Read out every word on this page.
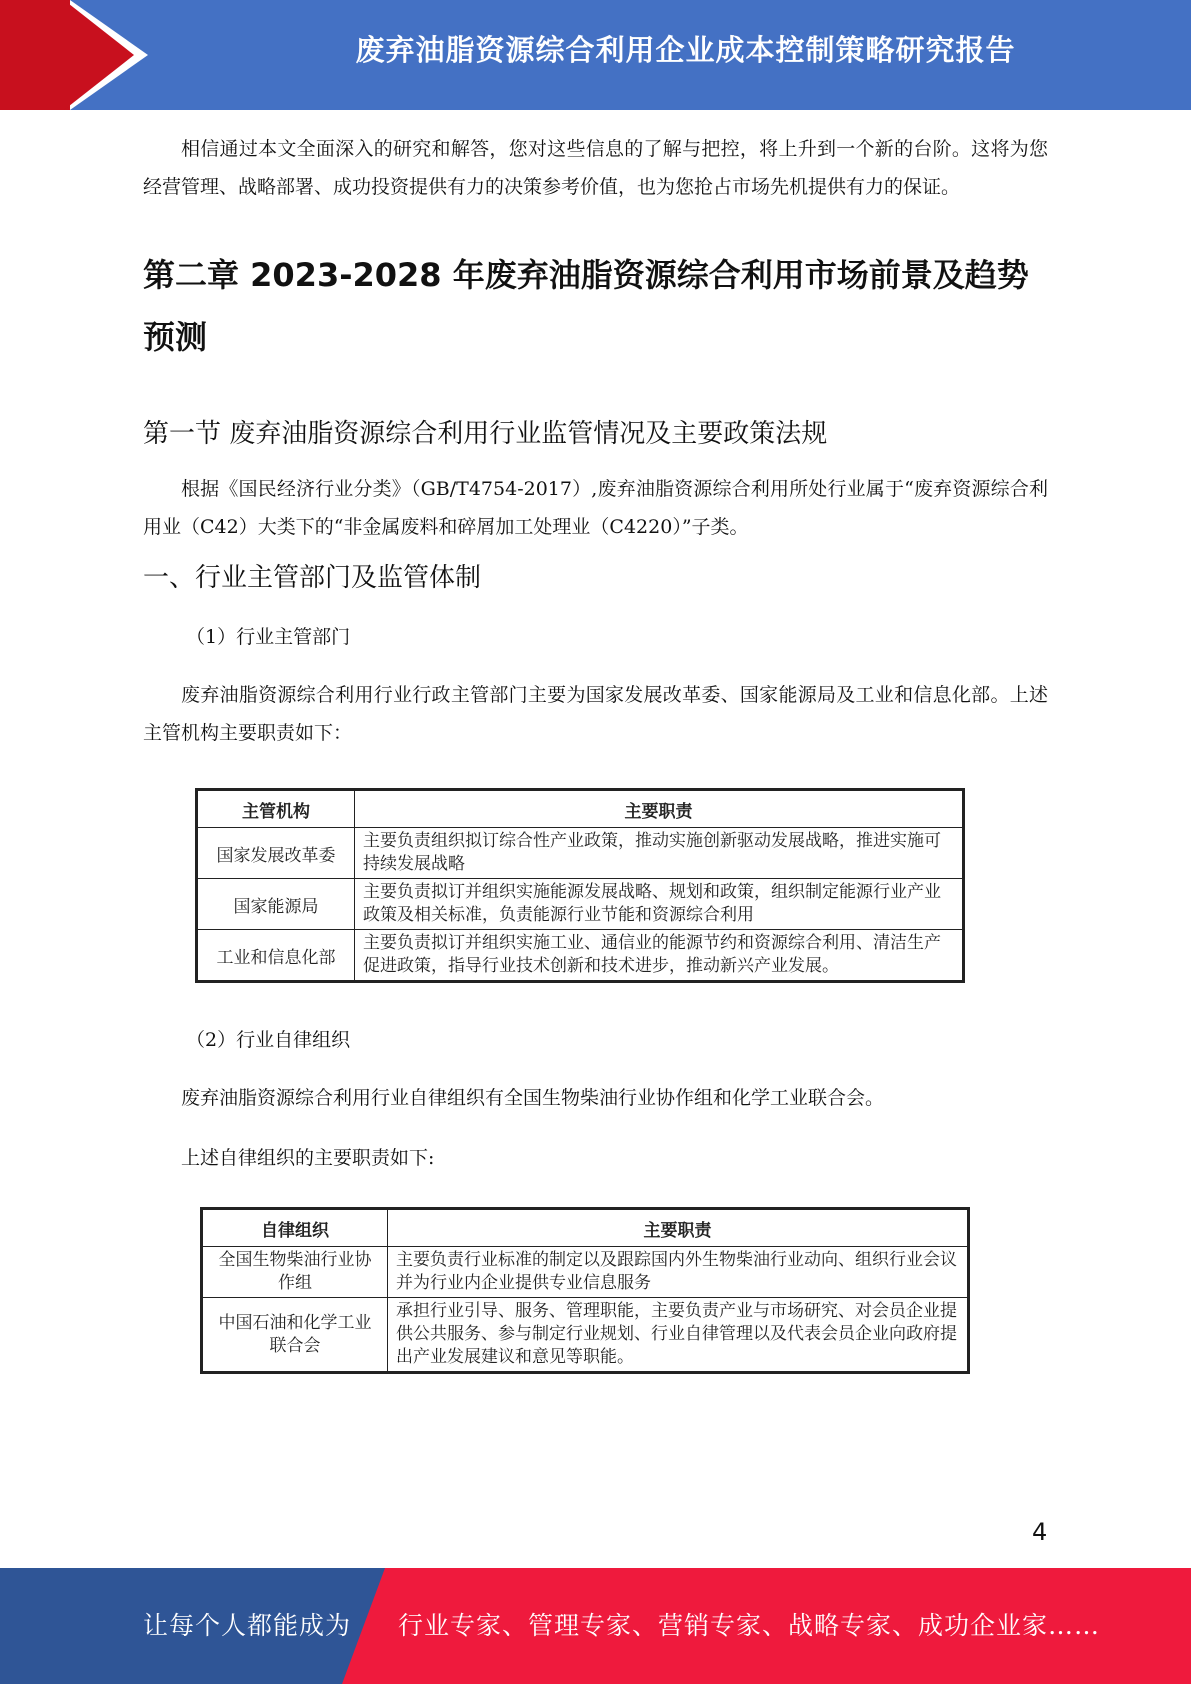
废弃油脂资源综合利用企业成本控制策略研究报告

相信通过本文全面深入的研究和解答，您对这些信息的了解与把控，将上升到一个新的台阶。这将为您经营管理、战略部署、成功投资提供有力的决策参考价值，也为您抢占市场先机提供有力的保证。

第二章 2023-2028 年废弃油脂资源综合利用市场前景及趋势预测
第一节 废弃油脂资源综合利用行业监管情况及主要政策法规

根据《国民经济行业分类》（GB/T4754-2017）,废弃油脂资源综合利用所处行业属于“废弃资源综合利用业（C42）大类下的“非金属废料和碎屑加工处理业（C4220）”子类。

一、行业主管部门及监管体制

（1）行业主管部门

废弃油脂资源综合利用行业行政主管部门主要为国家发展改革委、国家能源局及工业和信息化部。上述主管机构主要职责如下：

主管机构	主要职责
国家发展改革委	主要负责组织拟订综合性产业政策，推动实施创新驱动发展战略，推进实施可持续发展战略
国家能源局	主要负责拟订并组织实施能源发展战略、规划和政策，组织制定能源行业产业政策及相关标准，负责能源行业节能和资源综合利用
工业和信息化部	主要负责拟订并组织实施工业、通信业的能源节约和资源综合利用、清洁生产促进政策，指导行业技术创新和技术进步，推动新兴产业发展。

（2）行业自律组织

废弃油脂资源综合利用行业自律组织有全国生物柴油行业协作组和化学工业联合会。

上述自律组织的主要职责如下:

自律组织	主要职责
全国生物柴油行业协作组	主要负责行业标准的制定以及跟踪国内外生物柴油行业动向、组织行业会议并为行业内企业提供专业信息服务
中国石油和化学工业联合会	承担行业引导、服务、管理职能，主要负责产业与市场研究、对会员企业提供公共服务、参与制定行业规划、行业自律管理以及代表会员企业向政府提出产业发展建议和意见等职能。
4
让每个人都能成为 行业专家、管理专家、营销专家、战略专家、成功企业家……
